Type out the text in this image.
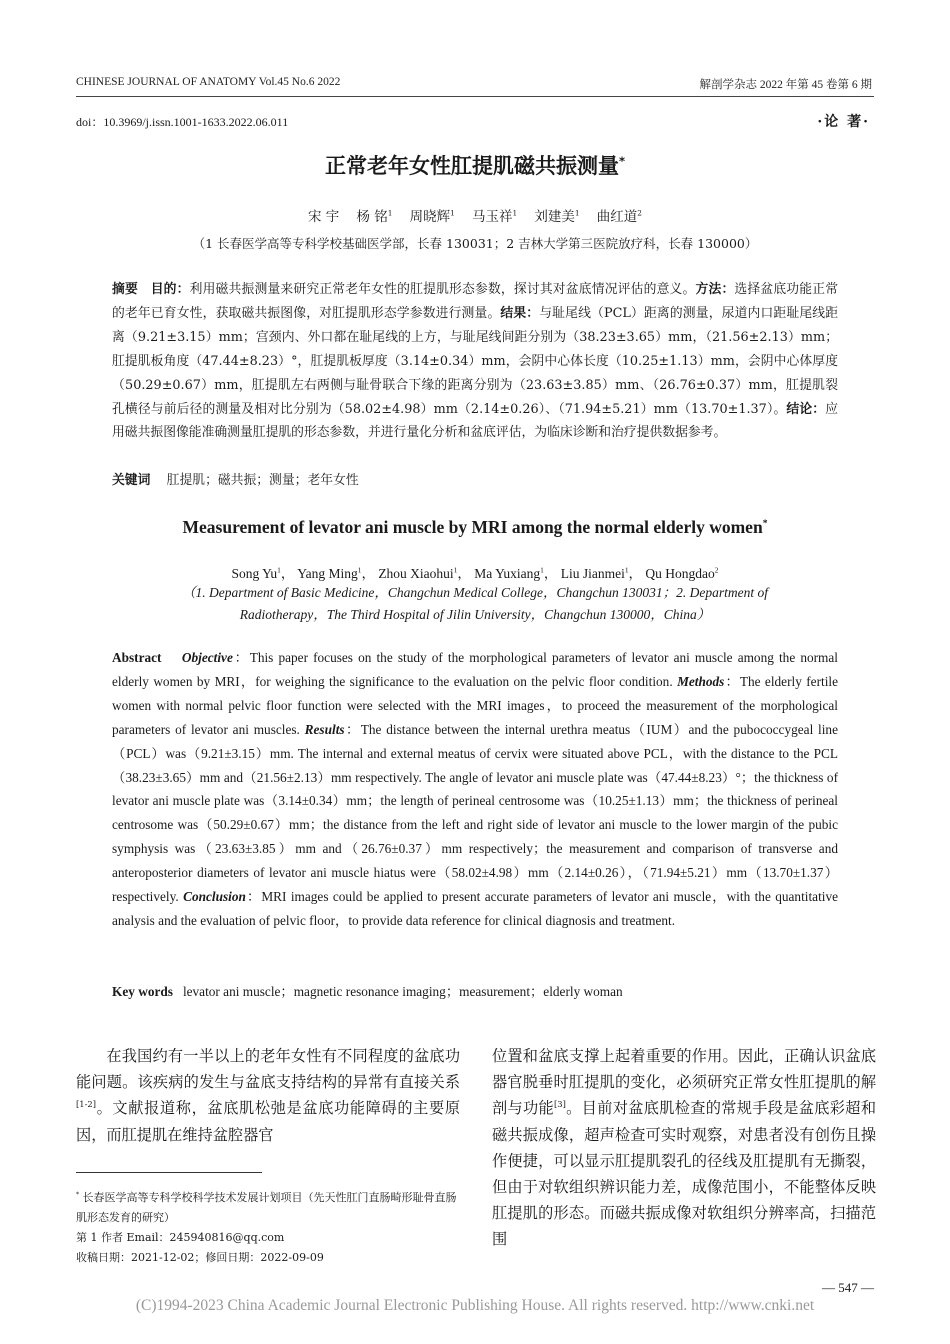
CHINESE JOURNAL OF ANATOMY Vol.45 No.6 2022	解剖学杂志 2022 年第 45 卷第 6 期
doi：10.3969/j.issn.1001-1633.2022.06.011	·论 著·
正常老年女性肛提肌磁共振测量*
宋 宇 杨 铭$^1$ 周晓辉$^1$ 马玉祥$^1$ 刘建美$^1$ 曲红道$^2$
（1 长春医学高等专科学校基础医学部，长春 130031；2 吉林大学第三医院放疗科，长春 130000）
摘要 目的：利用磁共振测量来研究正常老年女性的肛提肌形态参数，探讨其对盆底情况评估的意义。方法：选择盆底功能正常的老年已育女性，获取磁共振图像，对肛提肌形态学参数进行测量。结果：与耻尾线（PCL）距离的测量，尿道内口距耻尾线距离（9.21±3.15）mm；宫颈内、外口都在耻尾线的上方，与耻尾线间距分别为（38.23±3.65）mm，（21.56±2.13）mm；肛提肌板角度（47.44±8.23）°，肛提肌板厚度（3.14±0.34）mm，会阴中心体长度（10.25±1.13）mm，会阴中心体厚度（50.29±0.67）mm，肛提肌左右两侧与耻骨联合下缘的距离分别为（23.63±3.85）mm、（26.76±0.37）mm，肛提肌裂孔横径与前后径的测量及相对比分别为（58.02±4.98）mm（2.14±0.26）、（71.94±5.21）mm（13.70±1.37）。结论：应用磁共振图像能准确测量肛提肌的形态参数，并进行量化分析和盆底评估，为临床诊断和治疗提供数据参考。
关键词 肛提肌；磁共振；测量；老年女性
Measurement of levator ani muscle by MRI among the normal elderly women*
Song Yu$^1$， Yang Ming$^1$， Zhou Xiaohui$^1$， Ma Yuxiang$^1$， Liu Jianmei$^1$， Qu Hongdao$^2$
（1. Department of Basic Medicine，Changchun Medical College，Changchun 130031；2. Department of
Radiotherapy，The Third Hospital of Jilin University，Changchun 130000，China）
Abstract Objective：This paper focuses on the study of the morphological parameters of levator ani muscle among the normal elderly women by MRI，for weighing the significance to the evaluation on the pelvic floor condition. Methods：The elderly fertile women with normal pelvic floor function were selected with the MRI images，to proceed the measurement of the morphological parameters of levator ani muscles. Results：The distance between the internal urethra meatus（IUM）and the pubococcygeal line（PCL）was（9.21±3.15）mm. The internal and external meatus of cervix were situated above PCL，with the distance to the PCL（38.23±3.65）mm and（21.56±2.13）mm respectively. The angle of levator ani muscle plate was（47.44±8.23）°；the thickness of levator ani muscle plate was（3.14±0.34）mm；the length of perineal centrosome was（10.25±1.13）mm；the thickness of perineal centrosome was（50.29±0.67）mm；the distance from the left and right side of levator ani muscle to the lower margin of the pubic symphysis was（23.63±3.85）mm and（26.76±0.37）mm respectively；the measurement and comparison of transverse and anteroposterior diameters of levator ani muscle hiatus were（58.02±4.98）mm（2.14±0.26），（71.94±5.21）mm（13.70±1.37）respectively. Conclusion：MRI images could be applied to present accurate parameters of levator ani muscle，with the quantitative analysis and the evaluation of pelvic floor，to provide data reference for clinical diagnosis and treatment.
Key words levator ani muscle；magnetic resonance imaging；measurement；elderly woman
在我国约有一半以上的老年女性有不同程度的盆底功能问题。该疾病的发生与盆底支持结构的异常有直接关系[1-2]。文献报道称，盆底肌松弛是盆底功能障碍的主要原因，而肛提肌在维持盆腔器官
位置和盆底支撑上起着重要的作用。因此，正确认识盆底器官脱垂时肛提肌的变化，必须研究正常女性肛提肌的解剖与功能[3]。目前对盆底肌检查的常规手段是盆底彩超和磁共振成像，超声检查可实时观察，对患者没有创伤且操作便捷，可以显示肛提肌裂孔的径线及肛提肌有无撕裂，但由于对软组织辨识能力差，成像范围小，不能整体反映肛提肌的形态。而磁共振成像对软组织分辨率高，扫描范围
* 长春医学高等专科学校科学技术发展计划项目（先天性肛门直肠畸形耻骨直肠肌形态发育的研究）
第 1 作者 Email：245940816@qq.com
收稿日期：2021-12-02；修回日期：2022-09-09
— 547 —
(C)1994-2023 China Academic Journal Electronic Publishing House. All rights reserved. http://www.cnki.net
